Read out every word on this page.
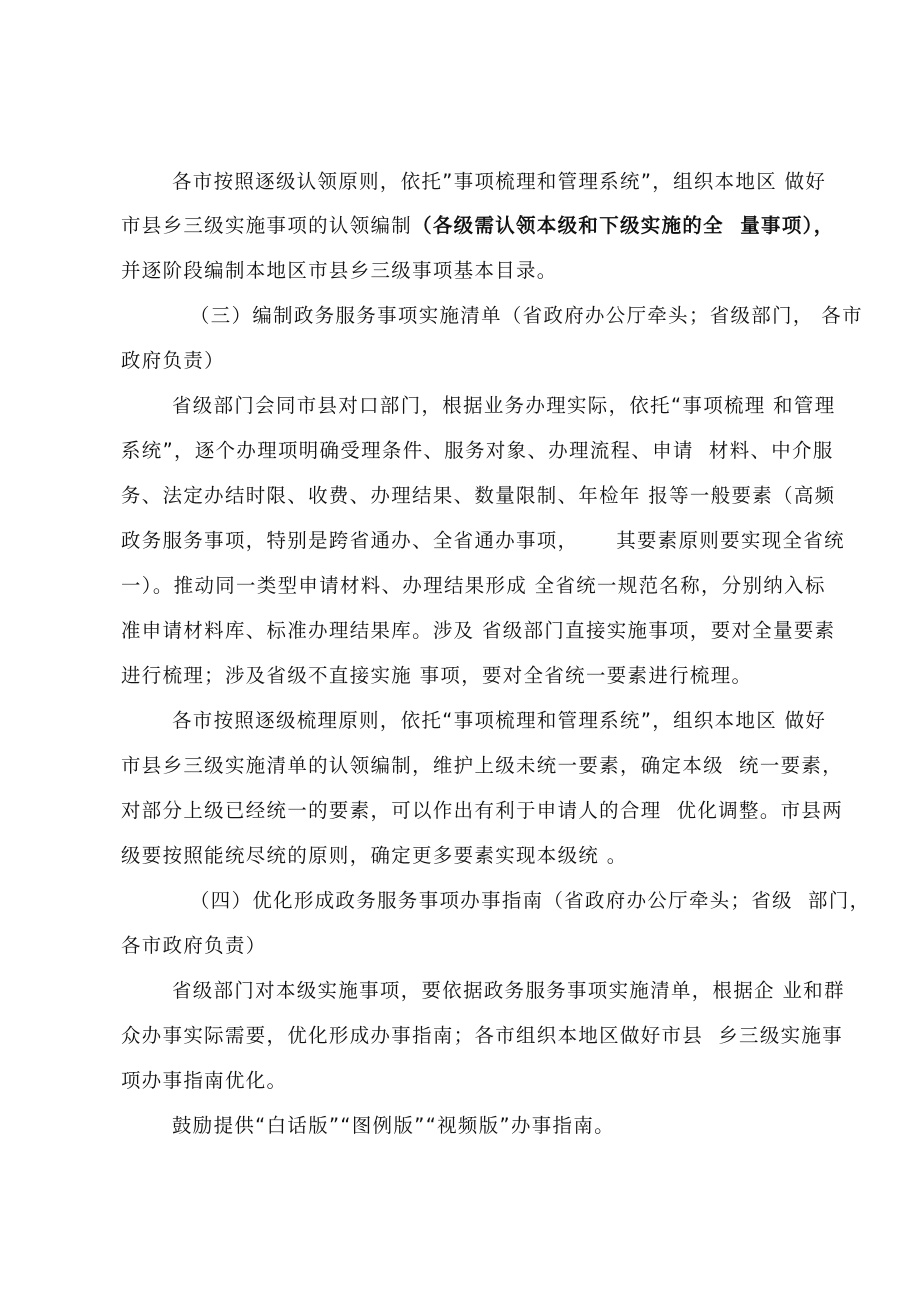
各市按照逐级认领原则，依托”事项梳理和管理系统”，组织本地区 做好
市县乡三级实施事项的认领编制（各级需认领本级和下级实施的全  量事项），
并逐阶段编制本地区市县乡三级事项基本目录。
（三）编制政务服务事项实施清单（省政府办公厅牵头；省级部门， 各市
政府负责）
省级部门会同市县对口部门，根据业务办理实际，依托“事项梳理 和管理
系统”，逐个办理项明确受理条件、服务对象、办理流程、申请  材料、中介服
务、法定办结时限、收费、办理结果、数量限制、年检年 报等一般要素（高频
政务服务事项，特别是跨省通办、全省通办事项，     其要素原则要实现全省统
一）。推动同一类型申请材料、办理结果形成 全省统一规范名称，分别纳入标
准申请材料库、标准办理结果库。涉及 省级部门直接实施事项，要对全量要素
进行梳理；涉及省级不直接实施 事项，要对全省统一要素进行梳理。
各市按照逐级梳理原则，依托“事项梳理和管理系统”，组织本地区 做好
市县乡三级实施清单的认领编制，维护上级未统一要素，确定本级  统一要素，
对部分上级已经统一的要素，可以作出有利于申请人的合理  优化调整。市县两
级要按照能统尽统的原则，确定更多要素实现本级统 。
（四）优化形成政务服务事项办事指南（省政府办公厅牵头；省级  部门，
各市政府负责）
省级部门对本级实施事项，要依据政务服务事项实施清单，根据企 业和群
众办事实际需要，优化形成办事指南；各市组织本地区做好市县  乡三级实施事
项办事指南优化。
鼓励提供“白话版”“图例版”“视频版”办事指南。
